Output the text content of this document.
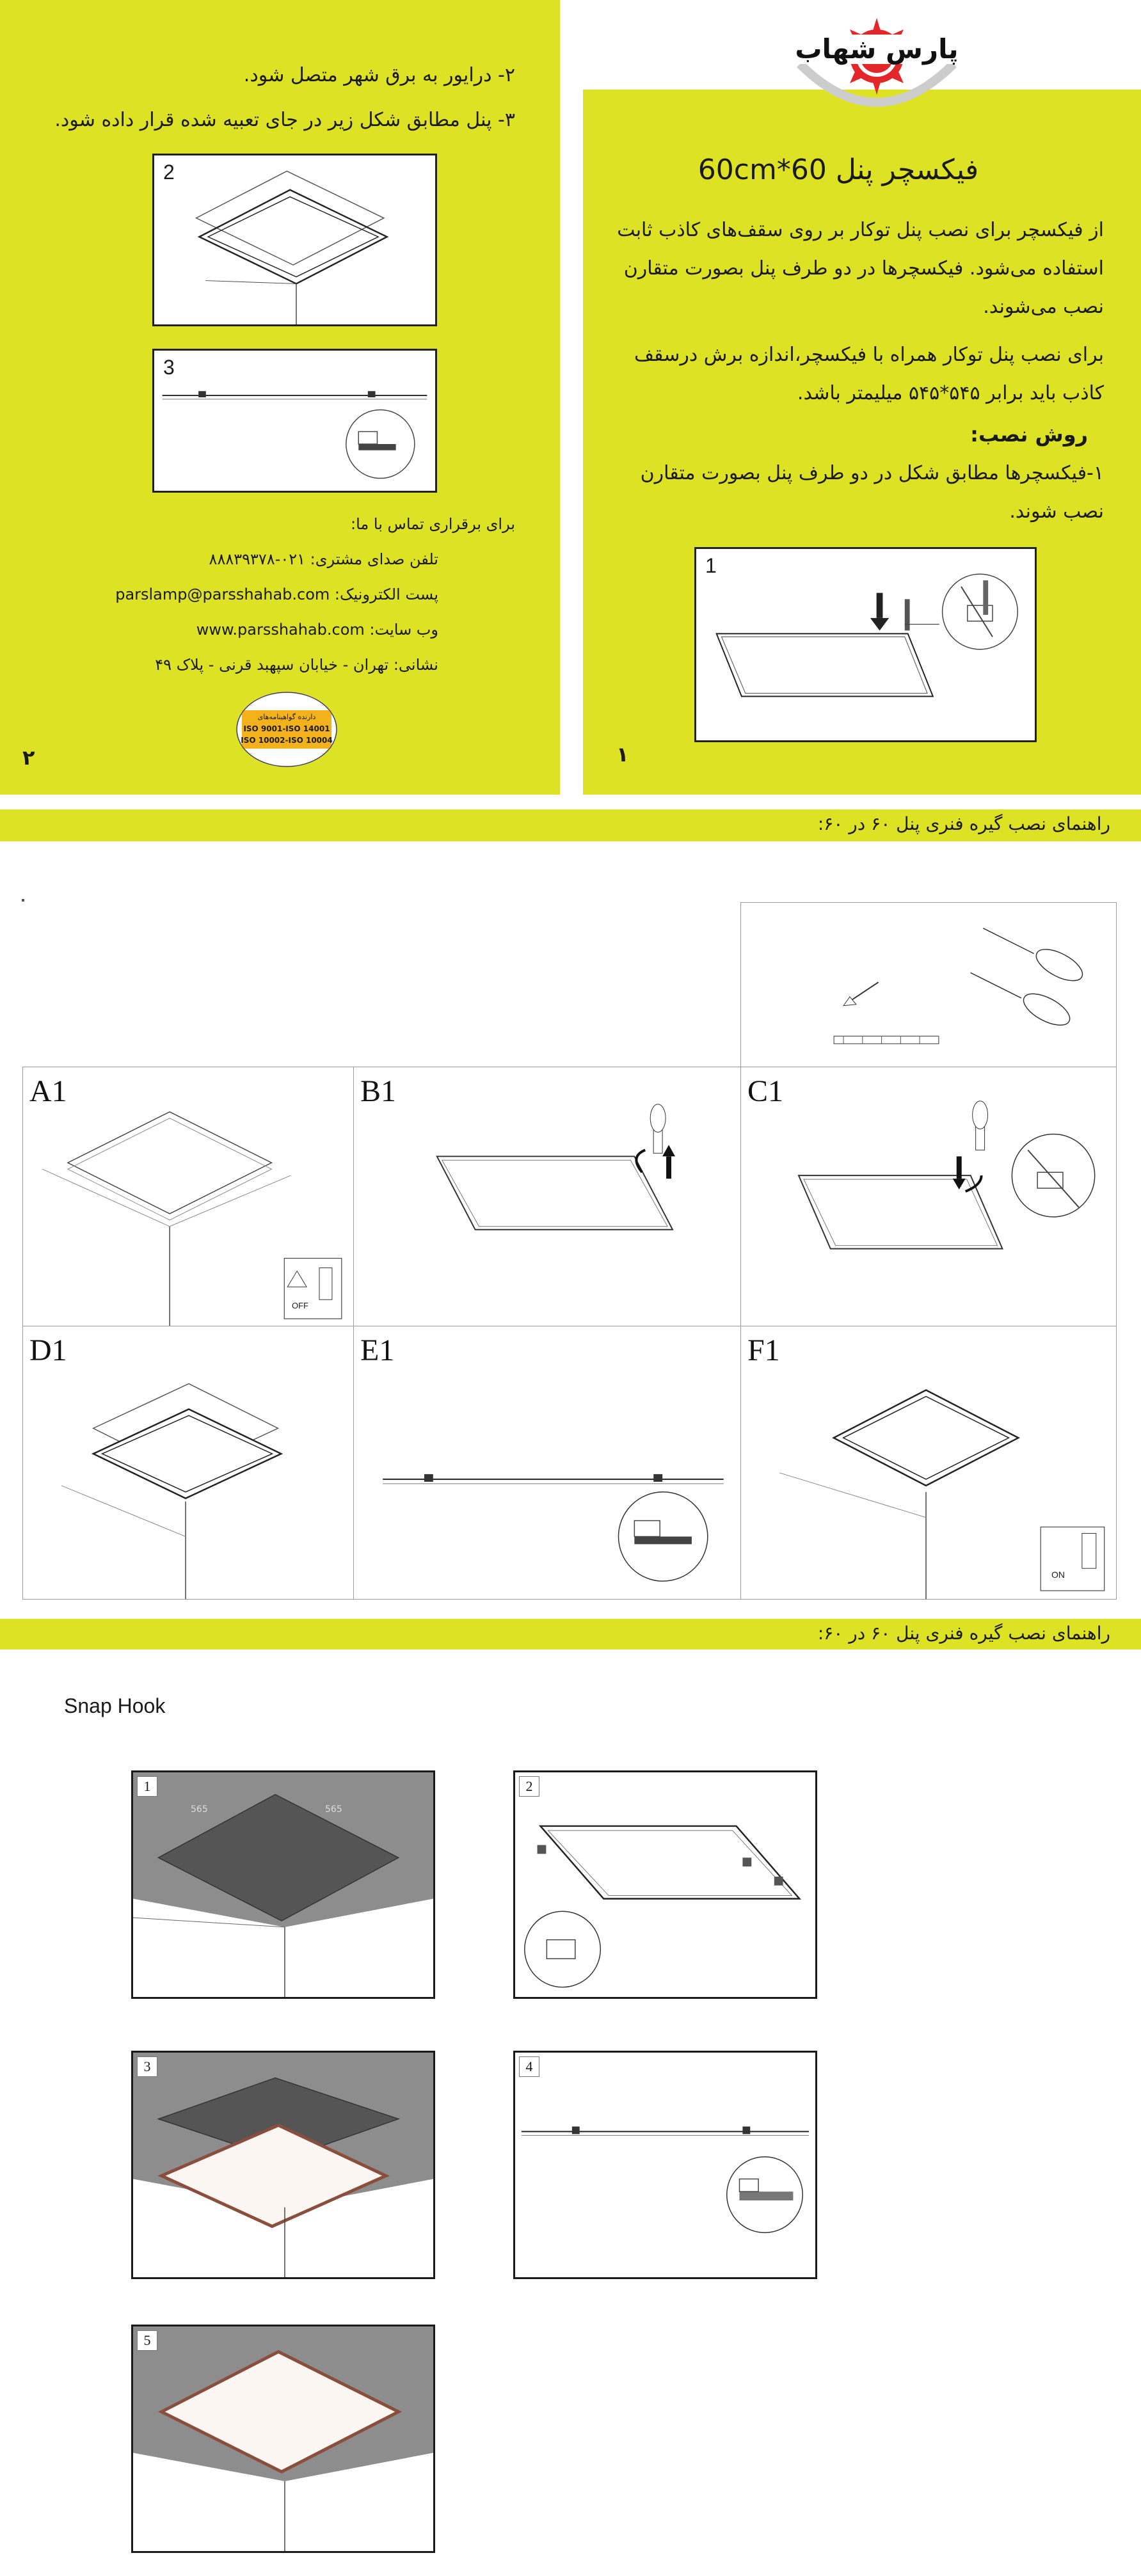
پارس شهاب
فیکسچر پنل 60*60cm
از فیکسچر برای نصب پنل توکار بر روی سقف‌های کاذب ثابت استفاده می‌شود. فیکسچرها در دو طرف پنل بصورت متقارن نصب می‌شوند.
برای نصب پنل توکار همراه با فیکسچر،اندازه برش درسقف کاذب باید برابر ۵۴۵*۵۴۵ میلیمتر باشد.
روش نصب:
۱-فیکسچرها مطابق شکل در دو طرف پنل بصورت متقارن نصب شوند.
1
۱
۲- درایور به برق شهر متصل شود.
۳- پنل مطابق شکل زیر در جای تعبیه شده قرار داده شود.
2
3
برای برقراری تماس با ما:
تلفن صدای مشتری: ۰۲۱-۸۸۸۳۹۳۷۸
پست الکترونیک: parslamp@parsshahab.com
وب سایت: www.parsshahab.com
نشانی: تهران - خیابان سپهبد قرنی - پلاک ۴۹
دارنده گواهینامه‌های
ISO 9001-ISO 14001
ISO 10002-ISO 10004
۲
راهنمای نصب گیره فنری پنل ۶۰ در ۶۰:
A1
OFF
B1	C1
D1	E1	F1
ON
راهنمای نصب گیره فنری پنل ۶۰ در ۶۰:
Snap Hook
1
565	565
2
3	4
5
